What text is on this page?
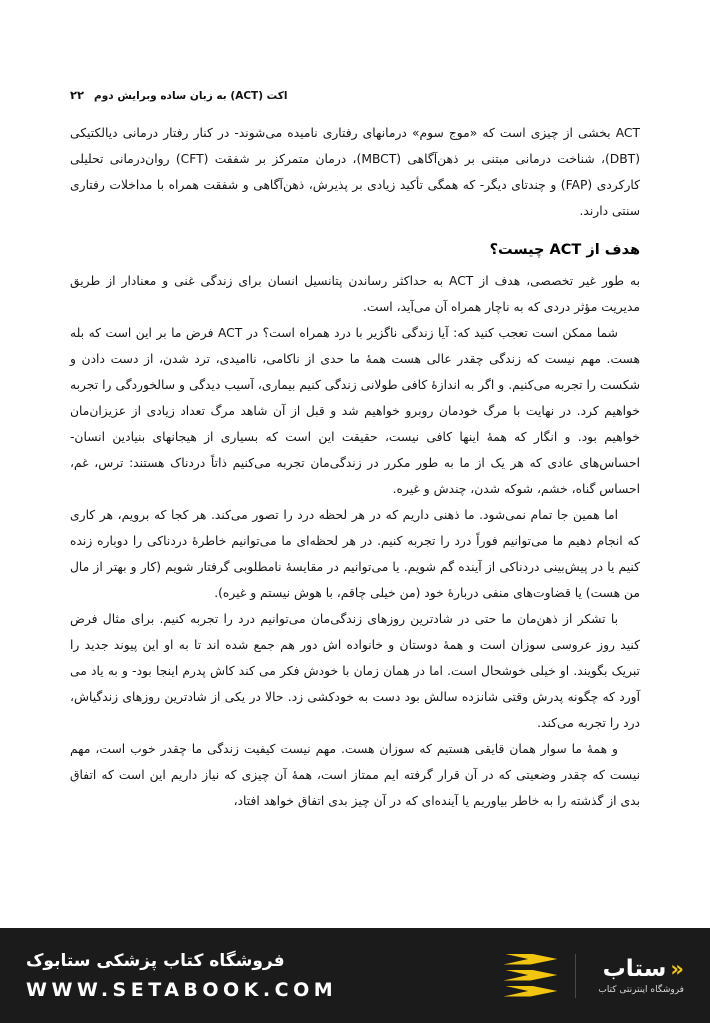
اکت (ACT) به زبان ساده وبرایش دوم
۲۲

ACT بخشی از چیزی است که «موج سوم» درمانهای رفتاری نامیده می‌شوند- در کنار رفتار درمانی دیالکتیکی (DBT)، شناخت درمانی مبتنی بر ذهن‌آگاهی (MBCT)، درمان متمرکز بر شفقت (CFT) روان‌درمانی تحلیلی کارکردی (FAP) و چندتای دیگر- که همگی تأکید زیادی بر پذیرش، ذهن‌آگاهی و شفقت همراه با مداخلات رفتاری سنتی دارند.

هدف از ACT چیست؟

به طور غیر تخصصی، هدف از ACT به حداکثر رساندن پتانسیل انسان برای زندگی غنی و معنادار از طریق مدیریت مؤثر دردی که به ناچار همراه آن می‌آید، است.

شما ممکن است تعجب کنید که: آیا زندگی ناگزیر با درد همراه است؟ در ACT فرض ما بر این است که بله هست. مهم نیست که زندگی چقدر عالی هست همهٔ ما حدی از ناکامی، ناامیدی، ترد شدن، از دست دادن و شکست را تجربه می‌کنیم. و اگر به اندازهٔ کافی طولانی زندگی کنیم بیماری، آسیب دیدگی و سالخوردگی را تجربه خواهیم کرد. در نهایت با مرگ خودمان روبرو خواهیم شد و قبل از آن شاهد مرگ تعداد زیادی از عزیزان‌مان خواهیم بود. و انگار که همهٔ اینها کافی نیست، حقیقت این است که بسیاری از هیجانهای بنیادین انسان- احساس‌های عادی که هر یک از ما به طور مکرر در زندگی‌مان تجربه می‌کنیم ذاتاً دردناک هستند: ترس، غم، احساس گناه، خشم، شوکه شدن، چندش و غیره.

اما همین جا تمام نمی‌شود. ما ذهنی داریم که در هر لحظه درد را تصور می‌کند. هر کجا که برویم، هر کاری که انجام دهیم ما می‌توانیم فوراً درد را تجربه کنیم. در هر لحظه‌ای ما می‌توانیم خاطرهٔ دردناکی را دوباره زنده کنیم یا در پیش‌بینی دردناکی از آینده گم شویم. یا می‌توانیم در مقایسهٔ نامطلوبی گرفتار شویم (کار و بهتر از مال من هست) یا قضاوت‌های منفی دربارهٔ خود (من خیلی چاقم، با هوش نیستم و غیره).

با تشکر از ذهن‌مان ما حتی در شادترین روزهای زندگی‌مان می‌توانیم درد را تجربه کنیم. برای مثال فرض کنید روز عروسی سوزان است و همهٔ دوستان و خانواده اش دور هم جمع شده اند تا به او این پیوند جدید را تبریک بگویند. او خیلی خوشحال است. اما در همان زمان با خودش فکر می کند کاش پدرم اینجا بود- و به یاد می آورد که چگونه پدرش وقتی شانزده سالش بود دست به خودکشی زد. حالا در یکی از شادترین روزهای زندگیاش، درد را تجربه می‌کند.

و همهٔ ما سوار همان قایقی هستیم که سوزان هست. مهم نیست کیفیت زندگی ما چقدر خوب است، مهم نیست که چقدر وضعیتی که در آن قرار گرفته ایم ممتاز است، همهٔ آن چیزی که نیاز داریم این است که اتفاق بدی از گذشته را به خاطر بیاوریم یا آینده‌ای که در آن چیز بدی اتفاق خواهد افتاد،

فروشگاه کتاب پزشکی ستابوک
WWW.SETABOOK.COM
«
ستاب
فروشگاه اینترنتی کتاب
